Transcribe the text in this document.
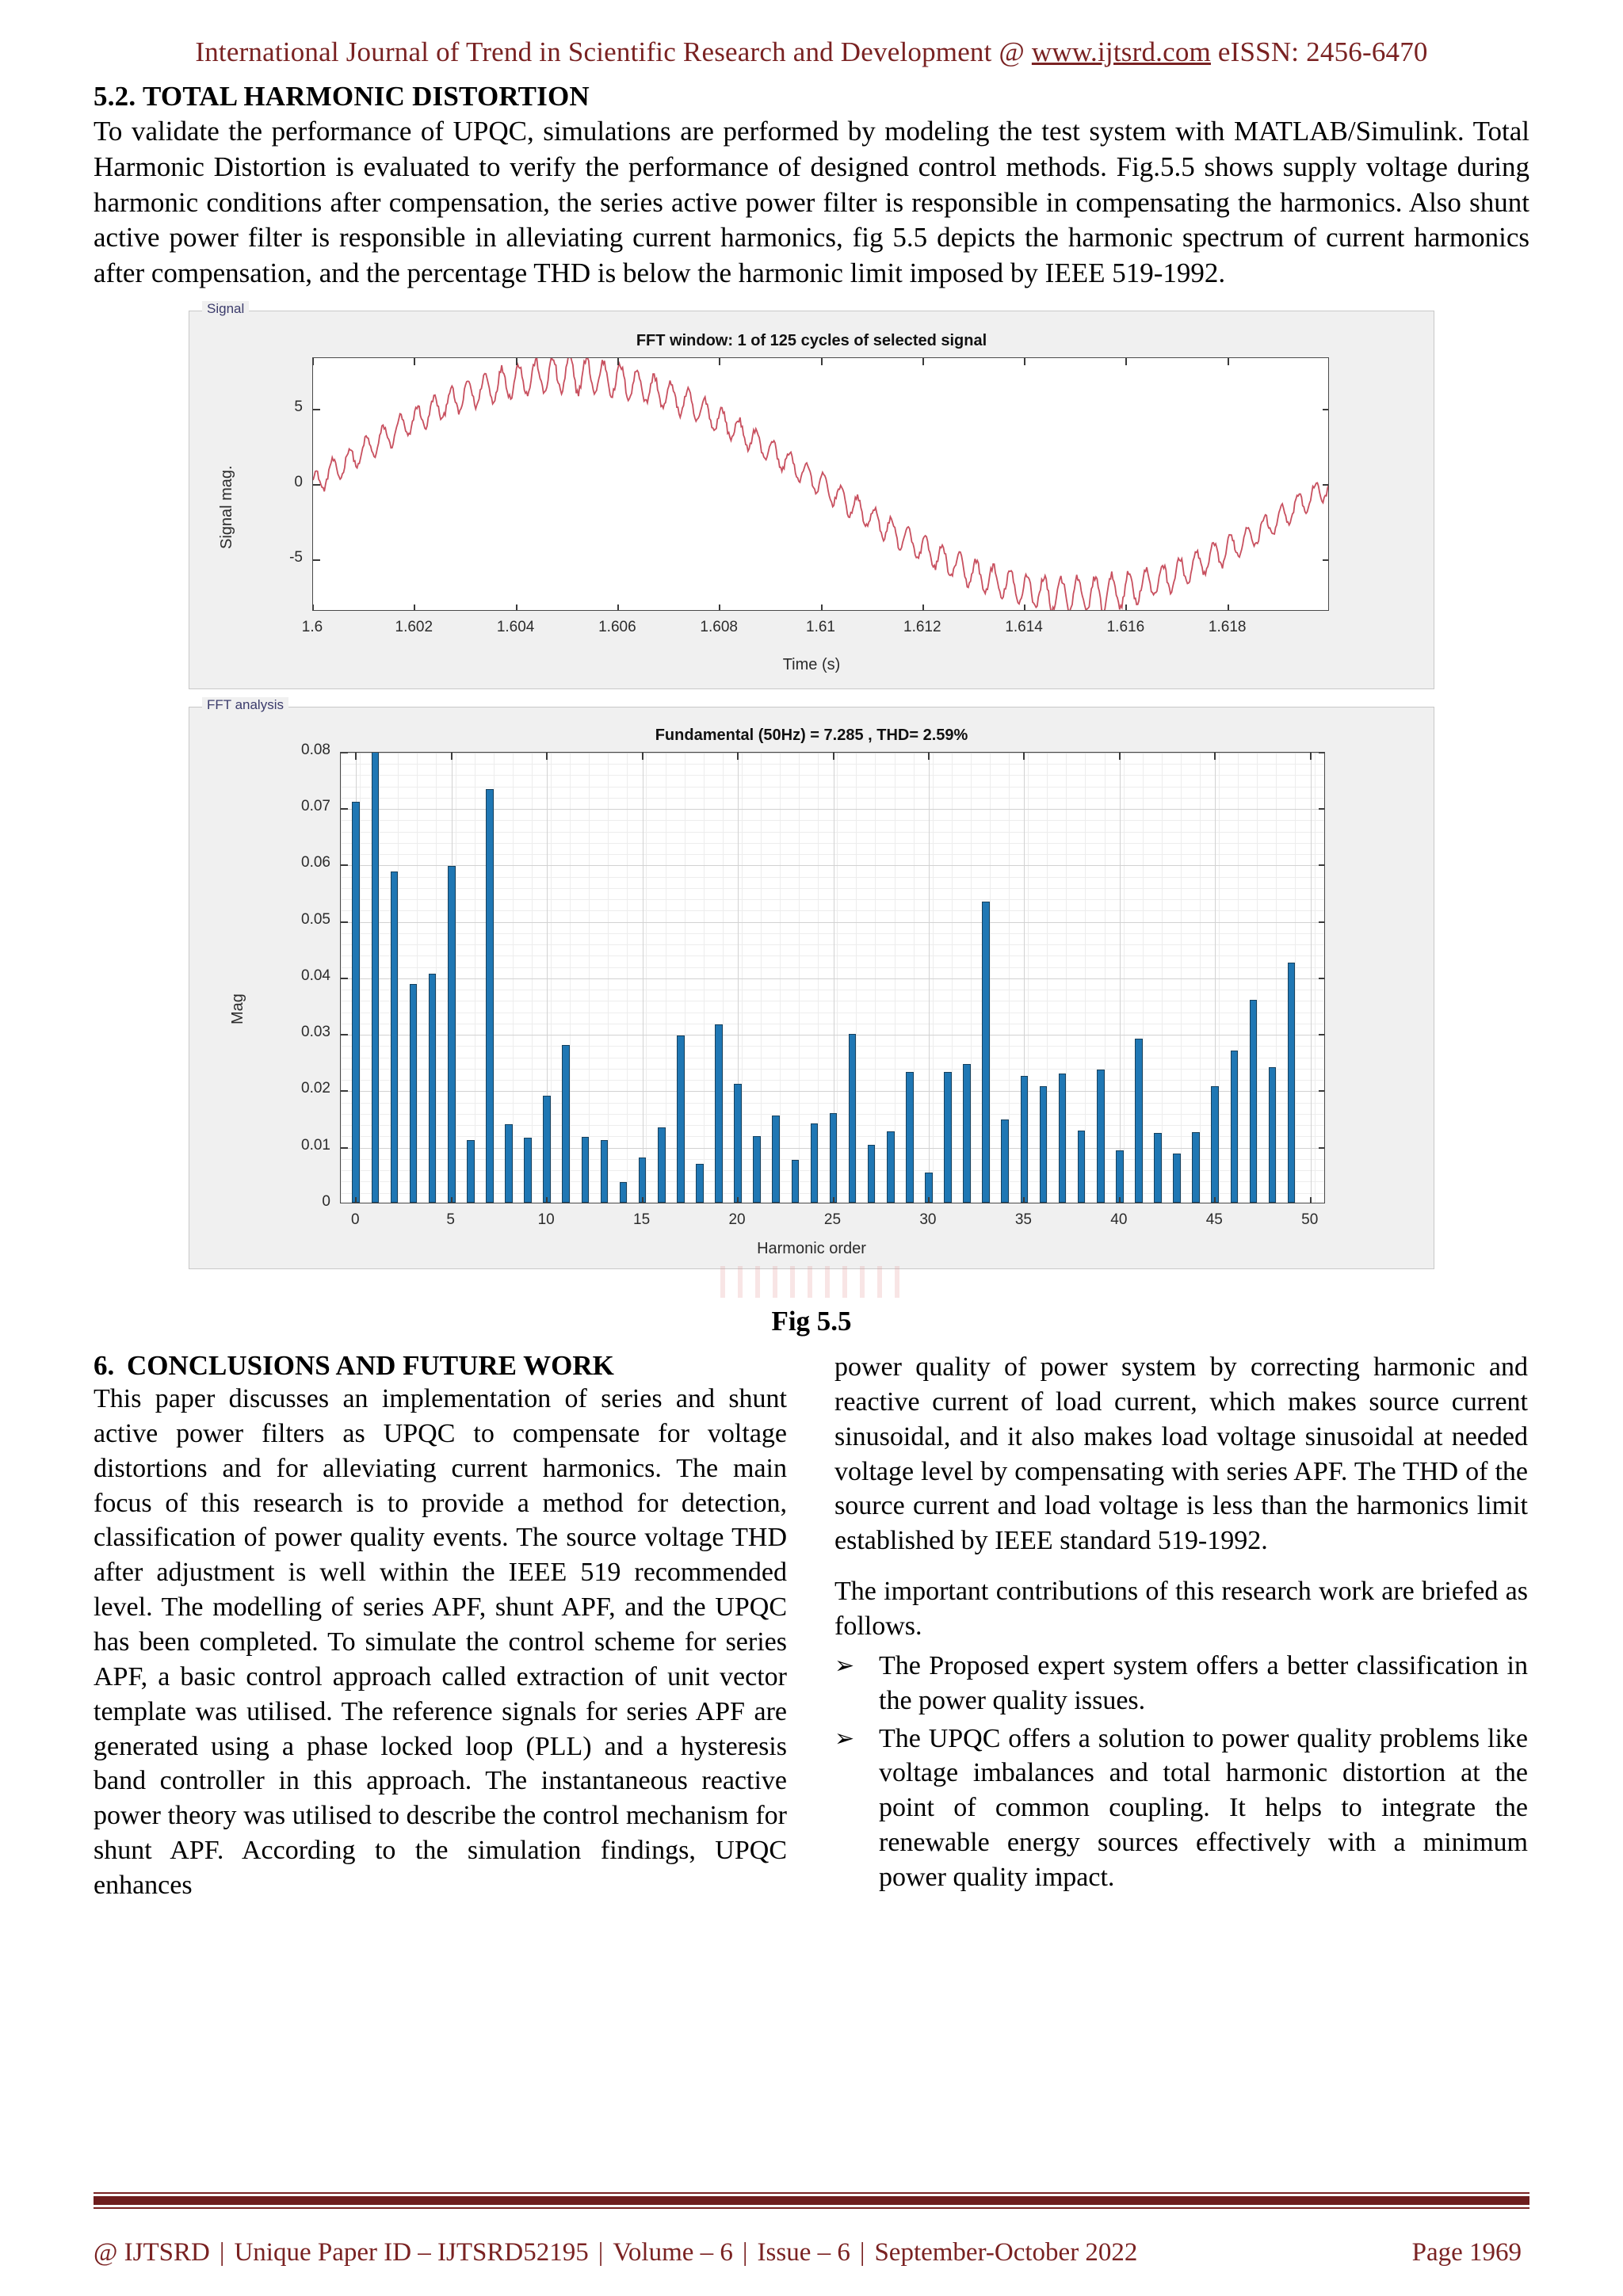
International Journal of Trend in Scientific Research and Development @ www.ijtsrd.com eISSN: 2456-6470
5.2. TOTAL HARMONIC DISTORTION
To validate the performance of UPQC, simulations are performed by modeling the test system with MATLAB/Simulink. Total Harmonic Distortion is evaluated to verify the performance of designed control methods. Fig.5.5 shows supply voltage during harmonic conditions after compensation, the series active power filter is responsible in compensating the harmonics. Also shunt active power filter is responsible in alleviating current harmonics, fig 5.5 depicts the harmonic spectrum of current harmonics after compensation, and the percentage THD is below the harmonic limit imposed by IEEE 519-1992.
Signal
FFT window: 1 of 125 cycles of selected signal
Signal mag.
Time (s)
1.6	1.602	1.604	1.606	1.608	1.61	1.612	1.614	1.616	1.618
-5
0
5
FFT analysis
Fundamental (50Hz) = 7.285 , THD= 2.59%
Mag
Harmonic order
0	5	10	15	20	25	30	35	40	45	50
0
0.01
0.02
0.03
0.04
0.05
0.06
0.07
0.08
Fig 5.5
6. CONCLUSIONS AND FUTURE WORK

This paper discusses an implementation of series and shunt active power filters as UPQC to compensate for voltage distortions and for alleviating current harmonics. The main focus of this research is to provide a method for detection, classification of power quality events. The source voltage THD after adjustment is well within the IEEE 519 recommended level. The modelling of series APF, shunt APF, and the UPQC has been completed. To simulate the control scheme for series APF, a basic control approach called extraction of unit vector template was utilised. The reference signals for series APF are generated using a phase locked loop (PLL) and a hysteresis band controller in this approach. The instantaneous reactive power theory was utilised to describe the control mechanism for shunt APF. According to the simulation findings, UPQC enhances

power quality of power system by correcting harmonic and reactive current of load current, which makes source current sinusoidal, and it also makes load voltage sinusoidal at needed voltage level by compensating with series APF. The THD of the source current and load voltage is less than the harmonics limit established by IEEE standard 519-1992.

The important contributions of this research work are briefed as follows.

➢ The Proposed expert system offers a better classification in the power quality issues.
➢ The UPQC offers a solution to power quality problems like voltage imbalances and total harmonic distortion at the point of common coupling. It helps to integrate the renewable energy sources effectively with a minimum power quality impact.
@ IJTSRD | Unique Paper ID – IJTSRD52195 | Volume – 6 | Issue – 6 | September-October 2022	Page 1969
